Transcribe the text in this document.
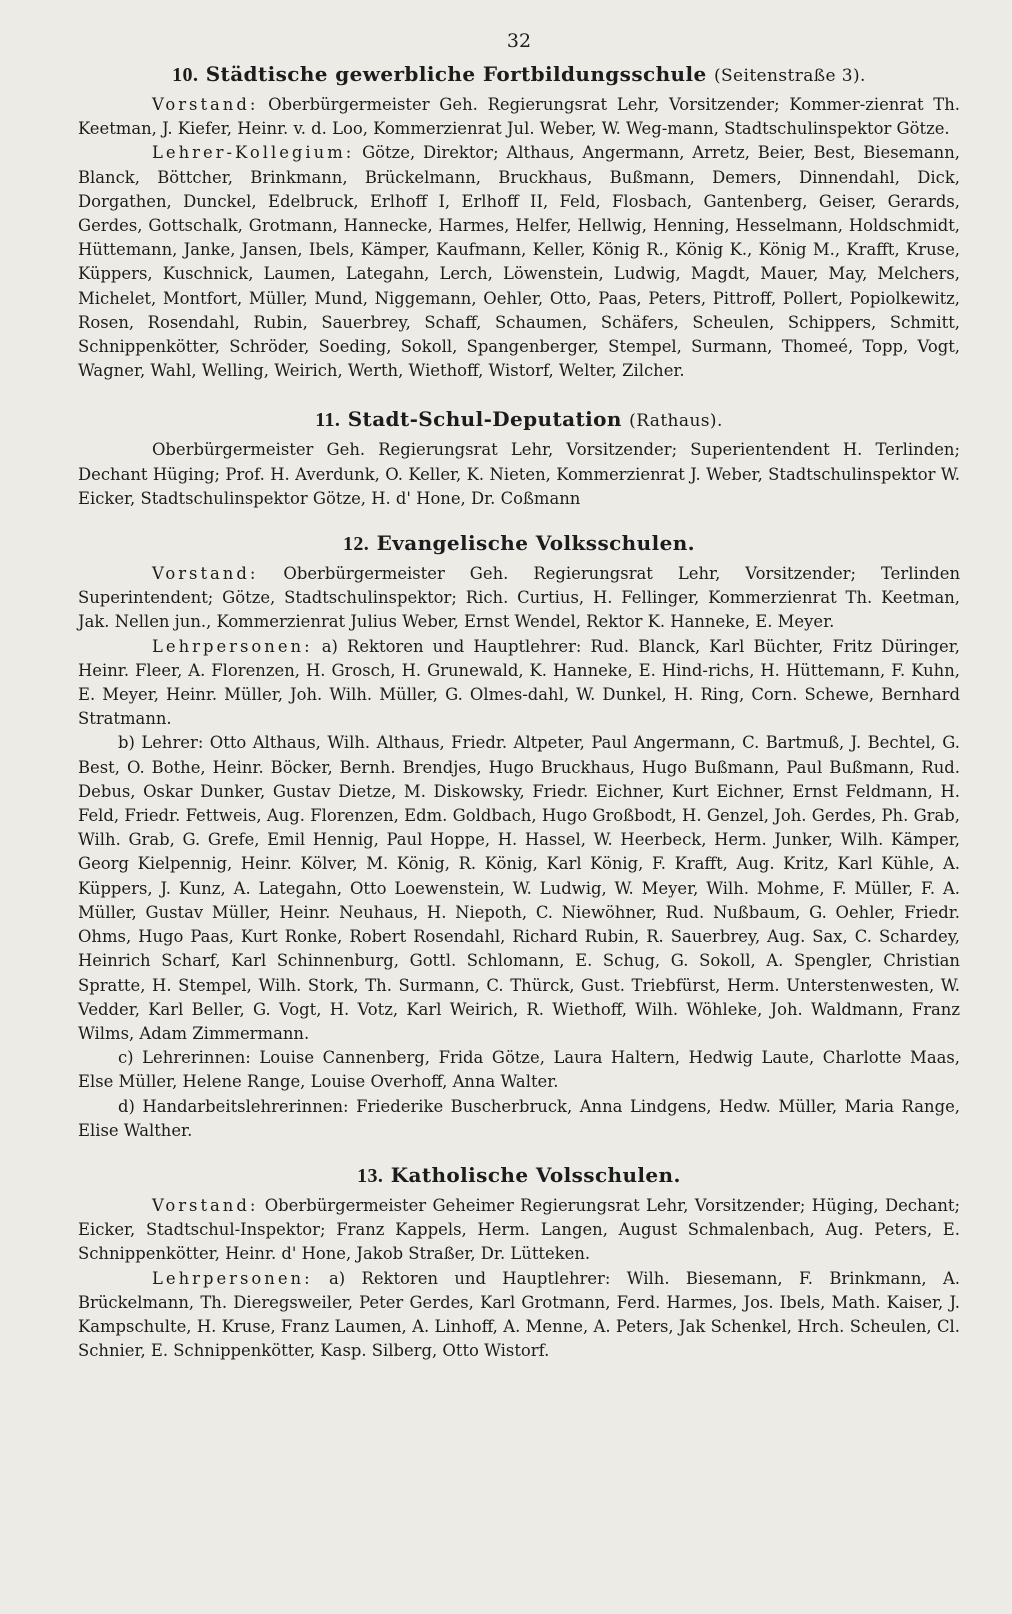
32
10. Städtische gewerbliche Fortbildungsschule (Seitenstraße 3).

Vorstand: Oberbürgermeister Geh. Regierungsrat Lehr, Vorsitzender; Kommer-zienrat Th. Keetman, J. Kiefer, Heinr. v. d. Loo, Kommerzienrat Jul. Weber, W. Weg-mann, Stadtschulinspektor Götze.

Lehrer-Kollegium: Götze, Direktor; Althaus, Angermann, Arretz, Beier, Best, Biesemann, Blanck, Böttcher, Brinkmann, Brückelmann, Bruckhaus, Bußmann, Demers, Dinnendahl, Dick, Dorgathen, Dunckel, Edelbruck, Erlhoff I, Erlhoff II, Feld, Flosbach, Gantenberg, Geiser, Gerards, Gerdes, Gottschalk, Grotmann, Hannecke, Harmes, Helfer, Hellwig, Henning, Hesselmann, Holdschmidt, Hüttemann, Janke, Jansen, Ibels, Kämper, Kaufmann, Keller, König R., König K., König M., Krafft, Kruse, Küppers, Kuschnick, Laumen, Lategahn, Lerch, Löwenstein, Ludwig, Magdt, Mauer, May, Melchers, Michelet, Montfort, Müller, Mund, Niggemann, Oehler, Otto, Paas, Peters, Pittroff, Pollert, Popiolkewitz, Rosen, Rosendahl, Rubin, Sauerbrey, Schaff, Schaumen, Schäfers, Scheulen, Schippers, Schmitt, Schnippenkötter, Schröder, Soeding, Sokoll, Spangenberger, Stempel, Surmann, Thomeé, Topp, Vogt, Wagner, Wahl, Welling, Weirich, Werth, Wiethoff, Wistorf, Welter, Zilcher.

11. Stadt-Schul-Deputation (Rathaus).

Oberbürgermeister Geh. Regierungsrat Lehr, Vorsitzender; Superientendent H. Terlinden; Dechant Hüging; Prof. H. Averdunk, O. Keller, K. Nieten, Kommerzienrat J. Weber, Stadtschulinspektor W. Eicker, Stadtschulinspektor Götze, H. d' Hone, Dr. Coßmann

12. Evangelische Volksschulen.

Vorstand: Oberbürgermeister Geh. Regierungsrat Lehr, Vorsitzender; Terlinden Superintendent; Götze, Stadtschulinspektor; Rich. Curtius, H. Fellinger, Kommerzienrat Th. Keetman, Jak. Nellen jun., Kommerzienrat Julius Weber, Ernst Wendel, Rektor K. Hanneke, E. Meyer.

Lehrpersonen: a) Rektoren und Hauptlehrer: Rud. Blanck, Karl Büchter, Fritz Düringer, Heinr. Fleer, A. Florenzen, H. Grosch, H. Grunewald, K. Hanneke, E. Hind-richs, H. Hüttemann, F. Kuhn, E. Meyer, Heinr. Müller, Joh. Wilh. Müller, G. Olmes-dahl, W. Dunkel, H. Ring, Corn. Schewe, Bernhard Stratmann.

b) Lehrer: Otto Althaus, Wilh. Althaus, Friedr. Altpeter, Paul Angermann, C. Bartmuß, J. Bechtel, G. Best, O. Bothe, Heinr. Böcker, Bernh. Brendjes, Hugo Bruckhaus, Hugo Bußmann, Paul Bußmann, Rud. Debus, Oskar Dunker, Gustav Dietze, M. Diskowsky, Friedr. Eichner, Kurt Eichner, Ernst Feldmann, H. Feld, Friedr. Fettweis, Aug. Florenzen, Edm. Goldbach, Hugo Großbodt, H. Genzel, Joh. Gerdes, Ph. Grab, Wilh. Grab, G. Grefe, Emil Hennig, Paul Hoppe, H. Hassel, W. Heerbeck, Herm. Junker, Wilh. Kämper, Georg Kielpennig, Heinr. Kölver, M. König, R. König, Karl König, F. Krafft, Aug. Kritz, Karl Kühle, A. Küppers, J. Kunz, A. Lategahn, Otto Loewenstein, W. Ludwig, W. Meyer, Wilh. Mohme, F. Müller, F. A. Müller, Gustav Müller, Heinr. Neuhaus, H. Niepoth, C. Niewöhner, Rud. Nußbaum, G. Oehler, Friedr. Ohms, Hugo Paas, Kurt Ronke, Robert Rosendahl, Richard Rubin, R. Sauerbrey, Aug. Sax, C. Schardey, Heinrich Scharf, Karl Schinnenburg, Gottl. Schlomann, E. Schug, G. Sokoll, A. Spengler, Christian Spratte, H. Stempel, Wilh. Stork, Th. Surmann, C. Thürck, Gust. Triebfürst, Herm. Unterstenwesten, W. Vedder, Karl Beller, G. Vogt, H. Votz, Karl Weirich, R. Wiethoff, Wilh. Wöhleke, Joh. Waldmann, Franz Wilms, Adam Zimmermann.

c) Lehrerinnen: Louise Cannenberg, Frida Götze, Laura Haltern, Hedwig Laute, Charlotte Maas, Else Müller, Helene Range, Louise Overhoff, Anna Walter.

d) Handarbeitslehrerinnen: Friederike Buscherbruck, Anna Lindgens, Hedw. Müller, Maria Range, Elise Walther.

13. Katholische Volsschulen.

Vorstand: Oberbürgermeister Geheimer Regierungsrat Lehr, Vorsitzender; Hüging, Dechant; Eicker, Stadtschul-Inspektor; Franz Kappels, Herm. Langen, August Schmalenbach, Aug. Peters, E. Schnippenkötter, Heinr. d' Hone, Jakob Straßer, Dr. Lütteken.

Lehrpersonen: a) Rektoren und Hauptlehrer: Wilh. Biesemann, F. Brinkmann, A. Brückelmann, Th. Dieregsweiler, Peter Gerdes, Karl Grotmann, Ferd. Harmes, Jos. Ibels, Math. Kaiser, J. Kampschulte, H. Kruse, Franz Laumen, A. Linhoff, A. Menne, A. Peters, Jak Schenkel, Hrch. Scheulen, Cl. Schnier, E. Schnippenkötter, Kasp. Silberg, Otto Wistorf.
